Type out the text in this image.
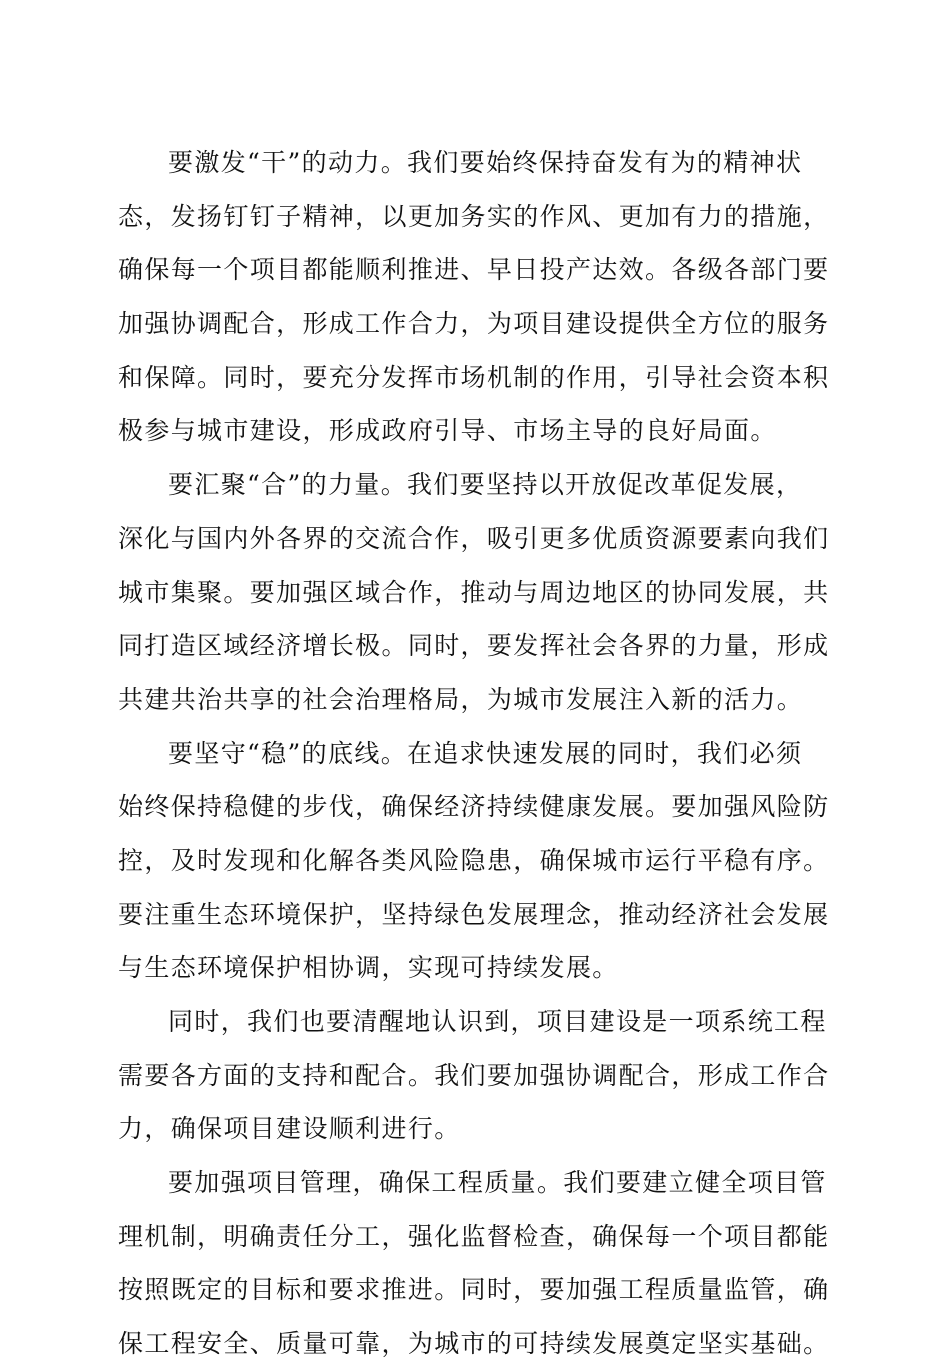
要激发“干”的动力。我们要始终保持奋发有为的精神状
态，发扬钉钉子精神，以更加务实的作风、更加有力的措施，
确保每一个项目都能顺利推进、早日投产达效。各级各部门要
加强协调配合，形成工作合力，为项目建设提供全方位的服务
和保障。同时，要充分发挥市场机制的作用，引导社会资本积
极参与城市建设，形成政府引导、市场主导的良好局面。
要汇聚“合”的力量。我们要坚持以开放促改革促发展，
深化与国内外各界的交流合作，吸引更多优质资源要素向我们
城市集聚。要加强区域合作，推动与周边地区的协同发展，共
同打造区域经济增长极。同时，要发挥社会各界的力量，形成
共建共治共享的社会治理格局，为城市发展注入新的活力。
要坚守“稳”的底线。在追求快速发展的同时，我们必须
始终保持稳健的步伐，确保经济持续健康发展。要加强风险防
控，及时发现和化解各类风险隐患，确保城市运行平稳有序。
要注重生态环境保护，坚持绿色发展理念，推动经济社会发展
与生态环境保护相协调，实现可持续发展。
同时，我们也要清醒地认识到，项目建设是一项系统工程
需要各方面的支持和配合。我们要加强协调配合，形成工作合
力，确保项目建设顺利进行。
要加强项目管理，确保工程质量。我们要建立健全项目管
理机制，明确责任分工，强化监督检查，确保每一个项目都能
按照既定的目标和要求推进。同时，要加强工程质量监管，确
保工程安全、质量可靠，为城市的可持续发展奠定坚实基础。
